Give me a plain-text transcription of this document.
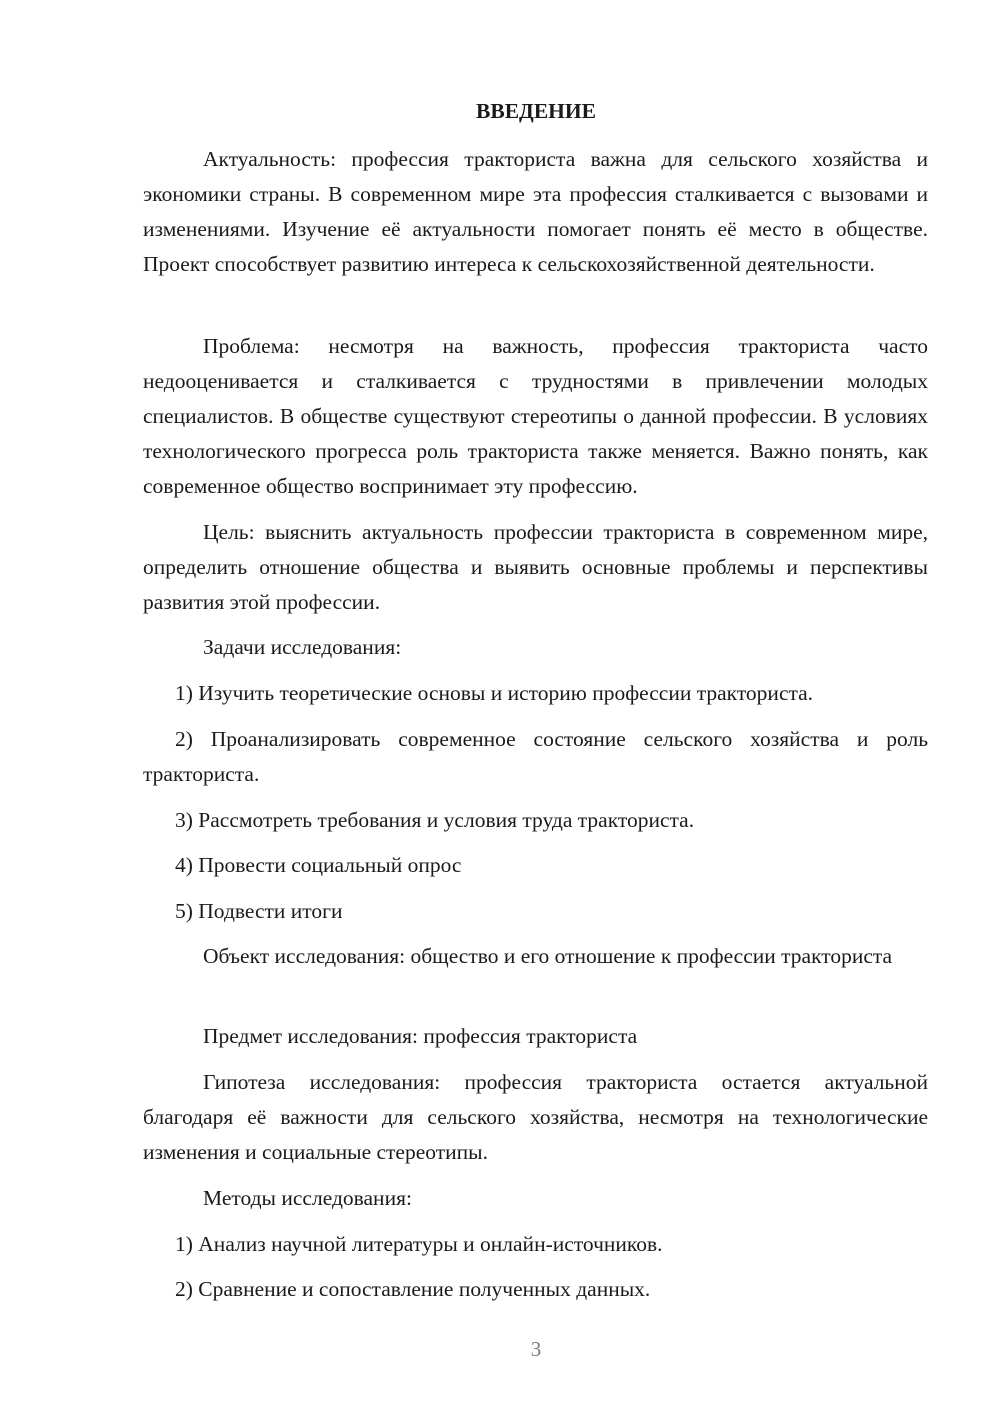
ВВЕДЕНИЕ

Актуальность: профессия тракториста важна для сельского хозяйства и экономики страны. В современном мире эта профессия сталкивается с вызовами и изменениями. Изучение её актуальности помогает понять её место в обществе. Проект способствует развитию интереса к сельскохозяйственной деятельности.

Проблема: несмотря на важность, профессия тракториста часто недооценивается и сталкивается с трудностями в привлечении молодых специалистов. В обществе существуют стереотипы о данной профессии. В условиях технологического прогресса роль тракториста также меняется. Важно понять, как современное общество воспринимает эту профессию.

Цель: выяснить актуальность профессии тракториста в современном мире, определить отношение общества и выявить основные проблемы и перспективы развития этой профессии.

Задачи исследования:

1) Изучить теоретические основы и историю профессии тракториста.

2) Проанализировать современное состояние сельского хозяйства и роль тракториста.

3) Рассмотреть требования и условия труда тракториста.

4) Провести социальный опрос

5) Подвести итоги

Объект исследования: общество и его отношение к профессии тракториста

Предмет исследования: профессия тракториста

Гипотеза исследования: профессия тракториста остается актуальной благодаря её важности для сельского хозяйства, несмотря на технологические изменения и социальные стереотипы.

Методы исследования:

1) Анализ научной литературы и онлайн-источников.

2) Сравнение и сопоставление полученных данных.

3
